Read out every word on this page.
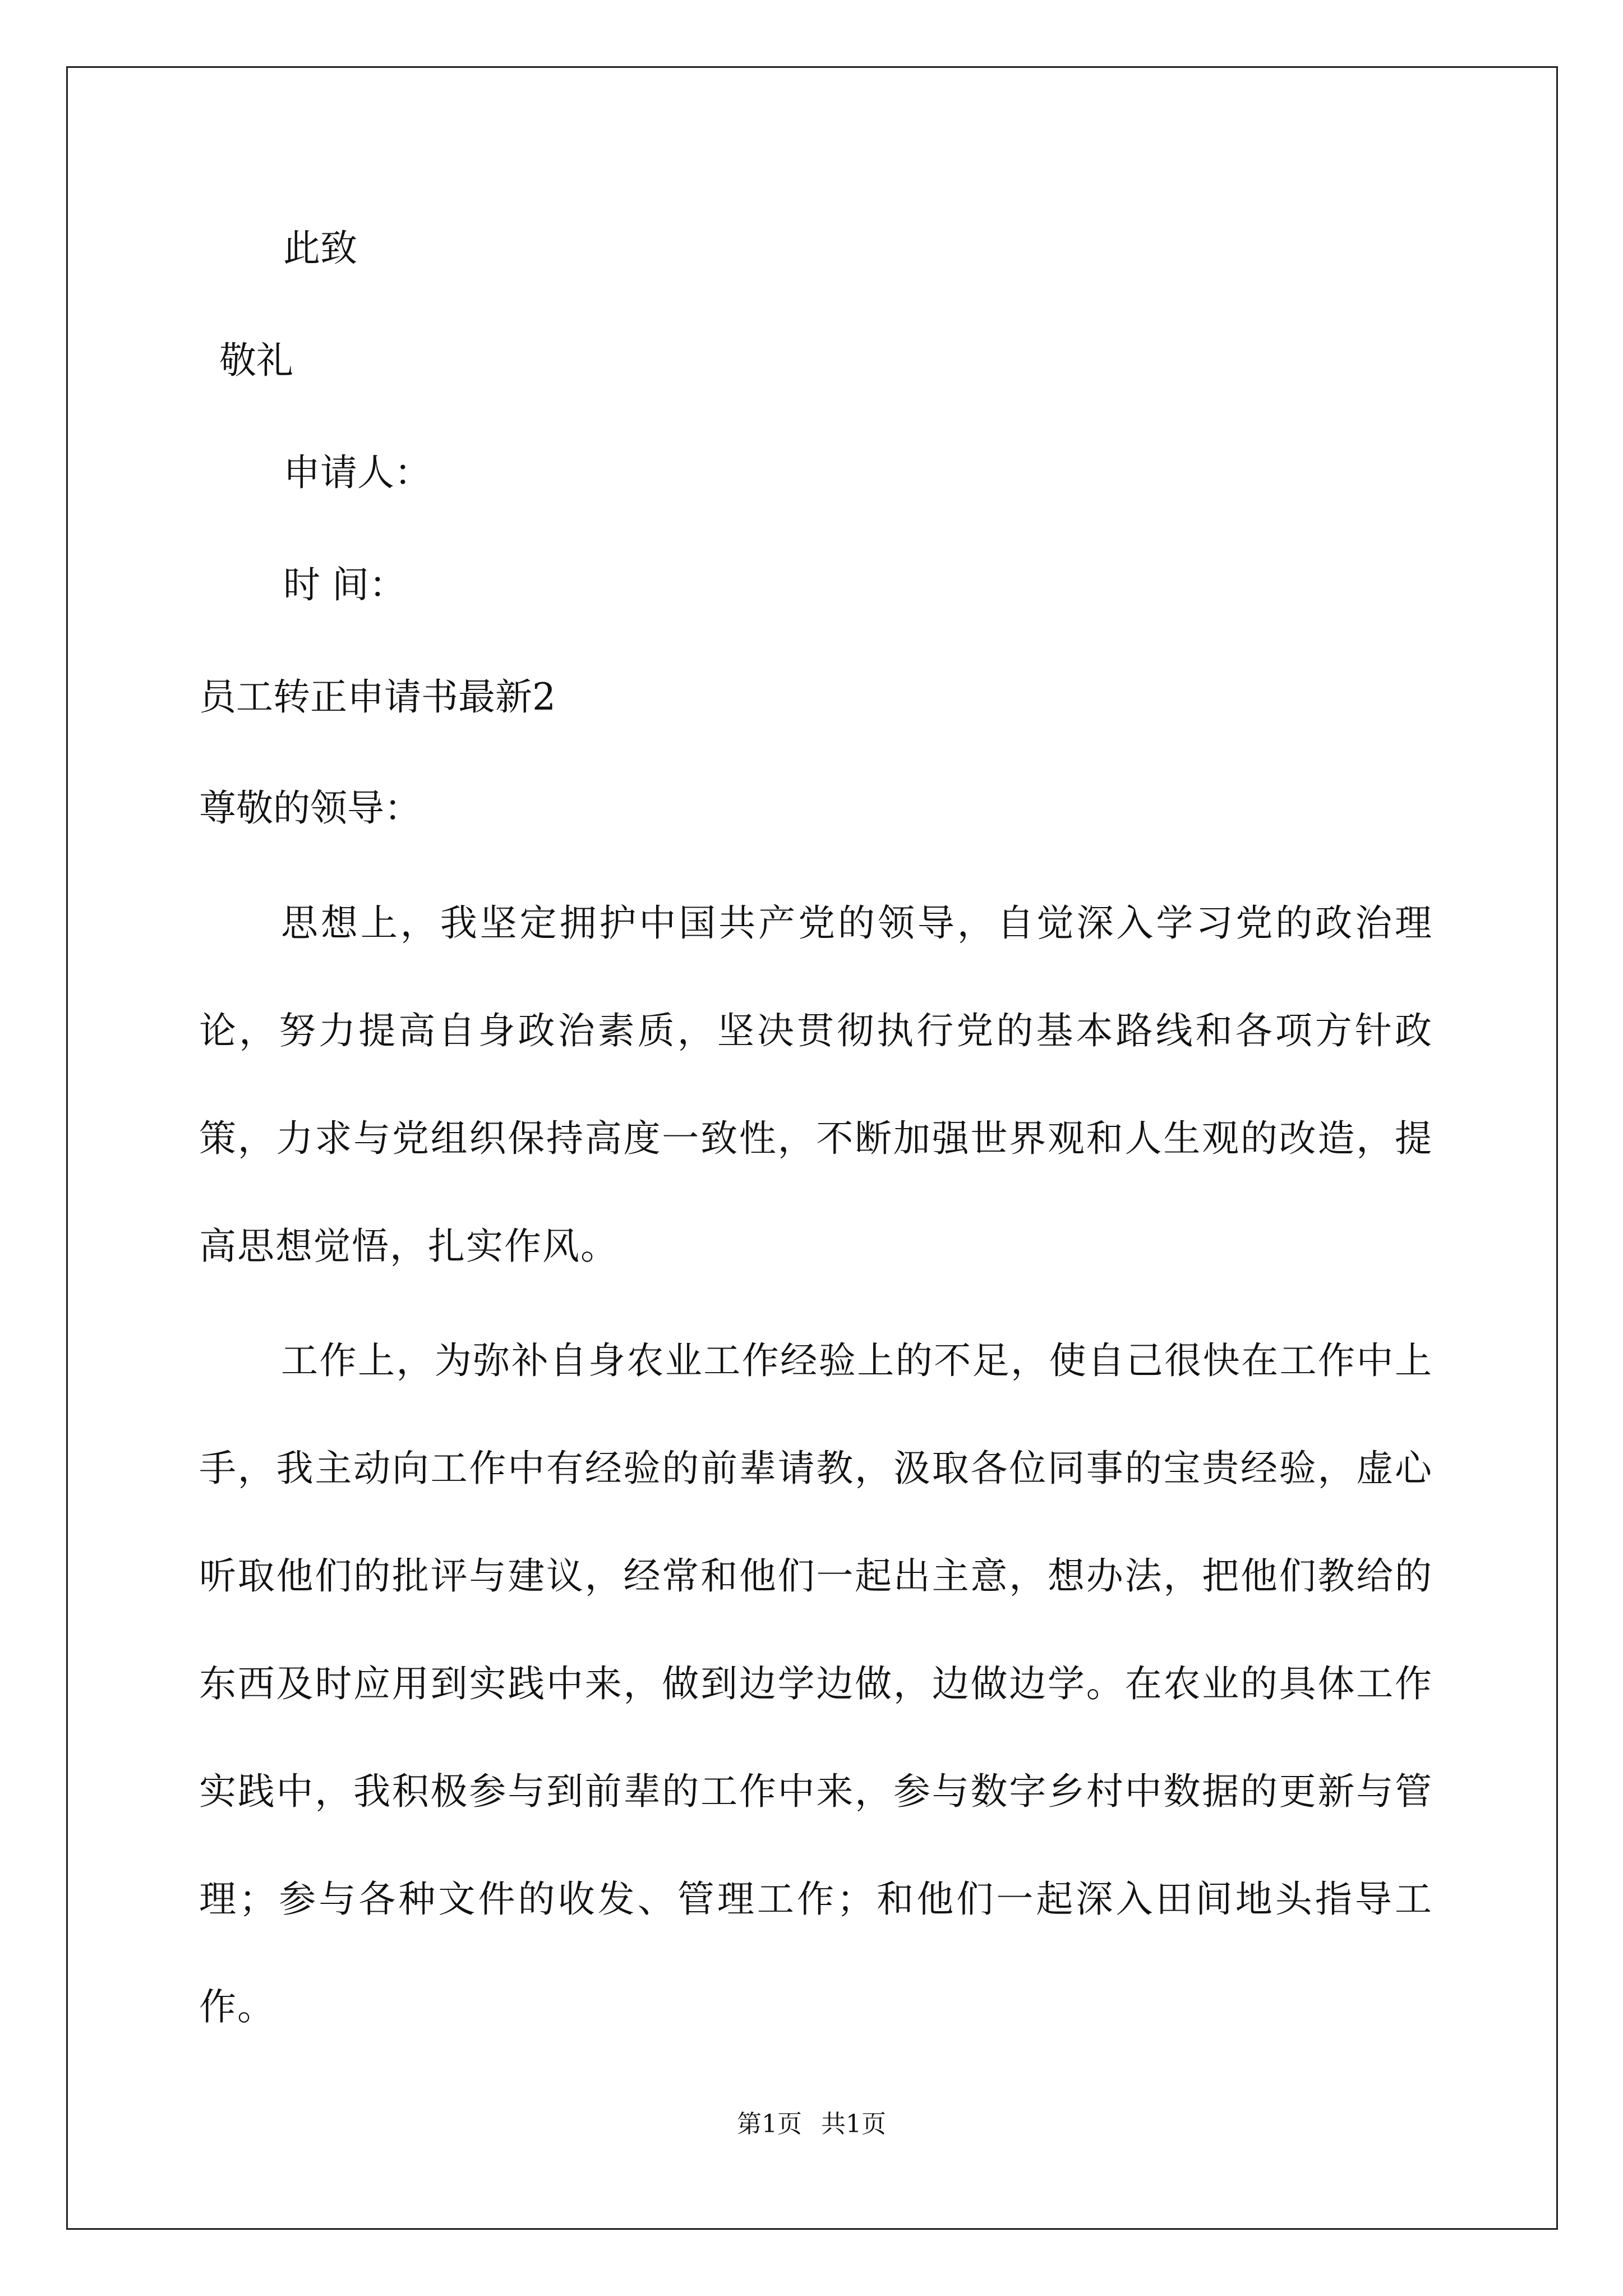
此致

敬礼

申请人：

时 间：

员工转正申请书最新2

尊敬的领导：

思想上，我坚定拥护中国共产党的领导，自觉深入学习党的政治理论，努力提高自身政治素质，坚决贯彻执行党的基本路线和各项方针政策，力求与党组织保持高度一致性，不断加强世界观和人生观的改造，提高思想觉悟，扎实作风。

工作上，为弥补自身农业工作经验上的不足，使自己很快在工作中上手，我主动向工作中有经验的前辈请教，汲取各位同事的宝贵经验，虚心听取他们的批评与建议，经常和他们一起出主意，想办法，把他们教给的东西及时应用到实践中来，做到边学边做，边做边学。在农业的具体工作实践中，我积极参与到前辈的工作中来，参与数字乡村中数据的更新与管理；参与各种文件的收发、管理工作；和他们一起深入田间地头指导工作。

第1页 共1页
